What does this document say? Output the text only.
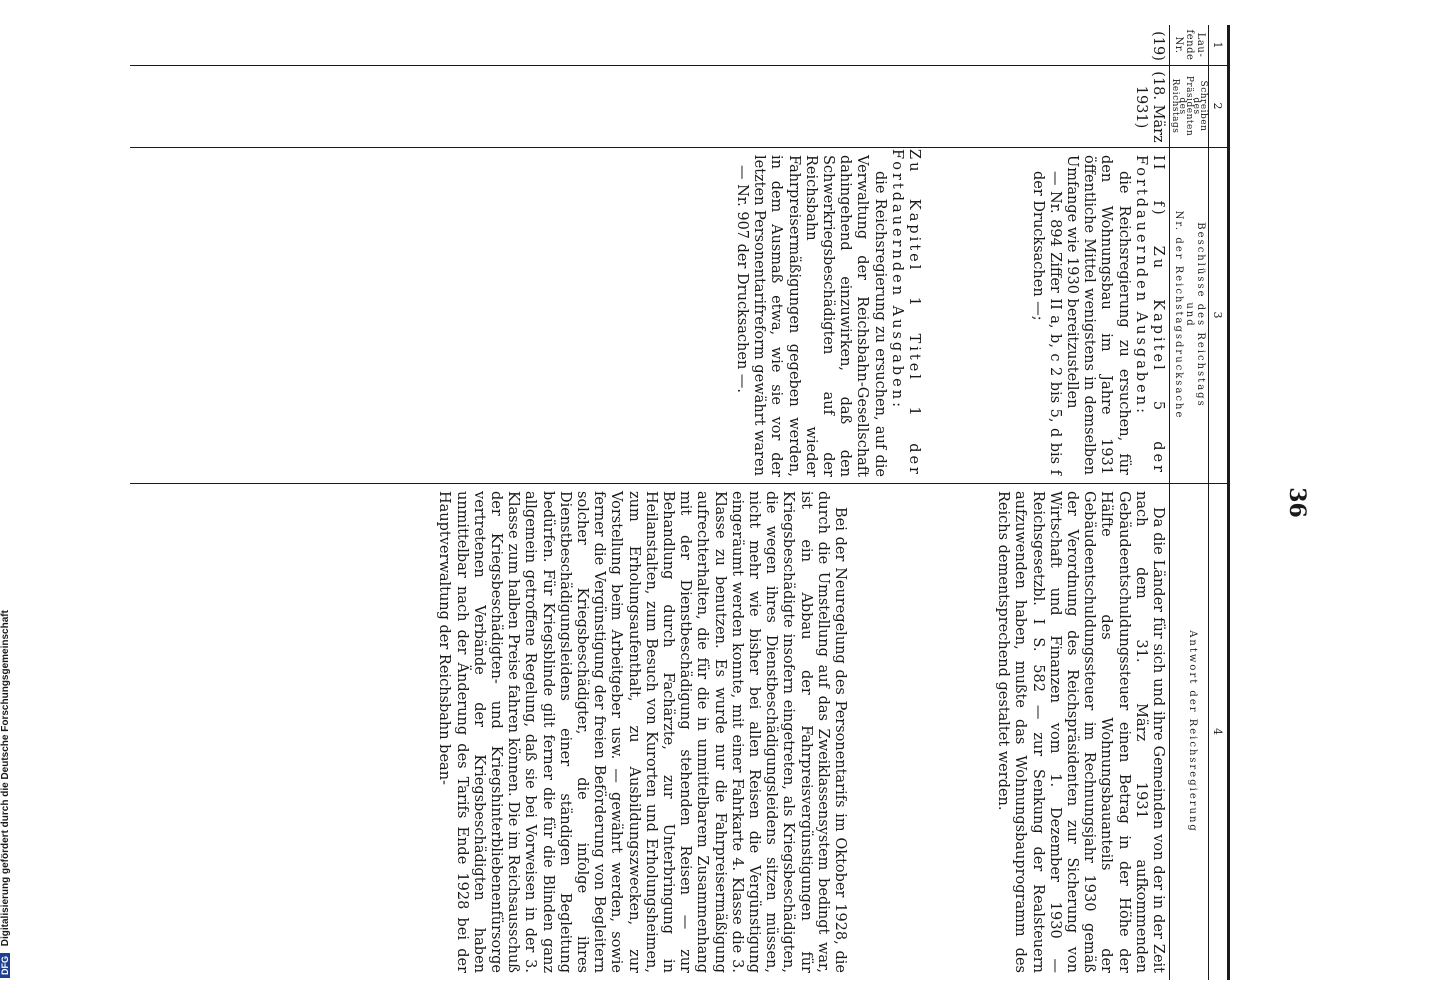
36
1
2
3
4
Lau-
fende
Nr.
Schreiben
des
Präsidenten
des
Reichstags
Beschlüsse des Reichstags
und
Nr. der Reichstagsdrucksache
Antwort der Reichsregierung
(19)
(18. März
1931)

II f) Zu Kapitel 5 der Fortdauernden Ausgaben:

die Reichsregierung zu ersuchen, für den Wohnungsbau im Jahre 1931 öffentliche Mittel wenigstens in demselben Umfange wie 1930 bereitzustellen

— Nr. 894 Ziffer II a, b, c 2 bis 5, d bis f der Drucksachen —;

Zu Kapitel 1 Titel 1 der Fortdauernden Ausgaben:

die Reichsregierung zu ersuchen, auf die Verwaltung der Reichsbahn-Gesellschaft dahingehend einzuwirken, daß den Schwerkriegsbeschädigten auf der Reichsbahn wieder Fahrpreisermäßigungen gegeben werden, in dem Ausmaß etwa, wie sie vor der letzten Personentarifreform gewährt waren

— Nr. 907 der Drucksachen —.

Da die Länder für sich und ihre Gemeinden von der in der Zeit nach dem 31. März 1931 aufkommenden Gebäudeentschuldungssteuer einen Betrag in der Höhe der Hälfte des Wohnungsbauanteils der Gebäudeentschuldungssteuer im Rechnungsjahr 1930 gemäß der Verordnung des Reichspräsidenten zur Sicherung von Wirtschaft und Finanzen vom 1. Dezember 1930 — Reichsgesetzbl. I S. 582 — zur Senkung der Realsteuern aufzuwenden haben, mußte das Wohnungsbauprogramm des Reichs dementsprechend gestaltet werden.

Bei der Neuregelung des Personentarifs im Oktober 1928, die durch die Umstellung auf das Zweiklassensystem bedingt war, ist ein Abbau der Fahrpreisvergünstigungen für Kriegsbeschädigte insofern eingetreten, als Kriegsbeschädigten, die wegen ihres Dienstbeschädigungsleidens sitzen müssen, nicht mehr wie bisher bei allen Reisen die Vergünstigung eingeräumt werden konnte, mit einer Fahrkarte 4. Klasse die 3. Klasse zu benutzen. Es wurde nur die Fahrpreisermäßigung aufrechterhalten, die für die in unmittelbarem Zusammenhang mit der Dienstbeschädigung stehenden Reisen — zur Behandlung durch Fachärzte, zur Unterbringung in Heilanstalten, zum Besuch von Kurorten und Erholungsheimen, zum Erholungsaufenthalt, zu Ausbildungszwecken, zur Vorstellung beim Arbeitgeber usw. — gewährt werden, sowie ferner die Vergünstigung der freien Beförderung von Begleitern solcher Kriegsbeschädigter, die infolge ihres Dienstbeschädigungsleidens einer ständigen Begleitung bedürfen. Für Kriegsblinde gilt ferner die für die Blinden ganz allgemein getroffene Regelung, daß sie bei Vorweisen in der 3. Klasse zum halben Preise fahren können. Die im Reichsausschuß der Kriegsbeschädigten- und Kriegshinterbliebenenfürsorge vertretenen Verbände der Kriegsbeschädigten haben unmittelbar nach der Änderung des Tarifs Ende 1928 bei der Hauptverwaltung der Reichsbahn bean-

DFG Digitalisierung gefördert durch die Deutsche Forschungsgemeinschaft
